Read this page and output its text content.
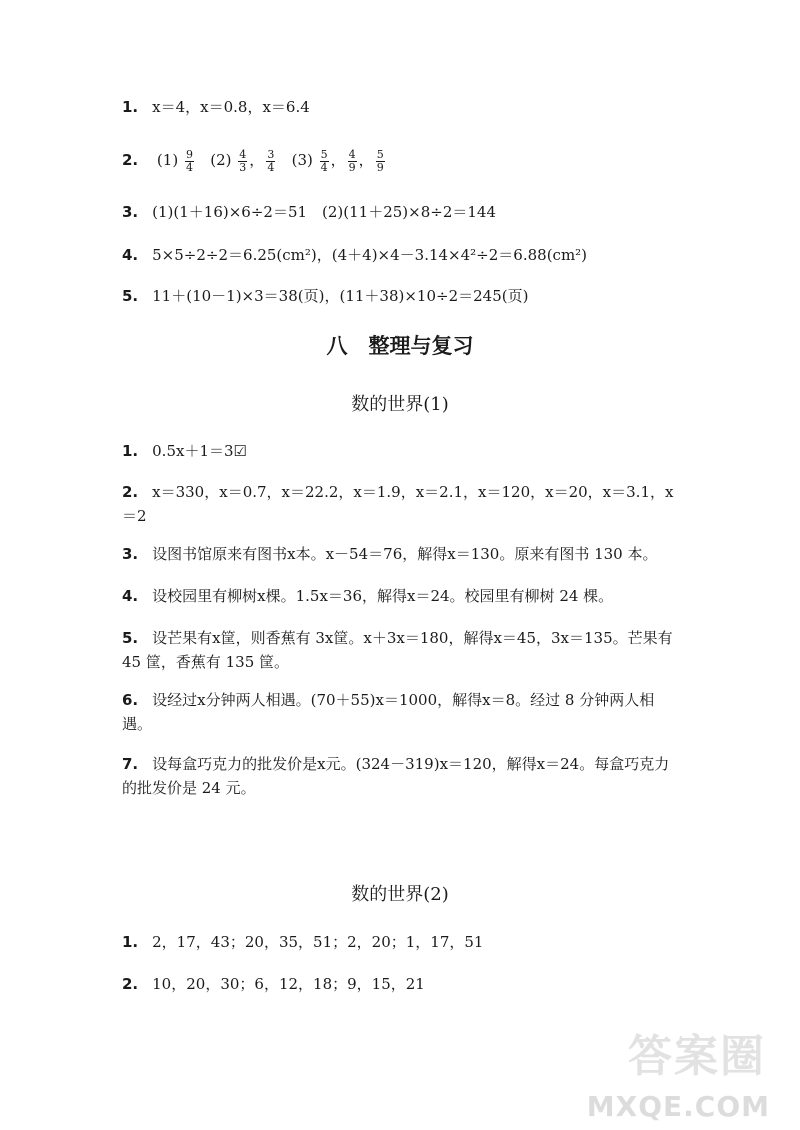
1. x＝4，x＝0.8，x＝6.4
2. $(1) \frac{9}{4} (2) \frac{4}{3}$ ， $\frac{3}{4} (3) \frac{5}{4}$ ， $\frac{4}{9}$ ， $\frac{5}{9}$
3. (1)(1＋16)×6÷2＝51　(2)(11＋25)×8÷2＝144
4. 5×5÷2÷2＝6.25(cm²)，(4＋4)×4－3.14×4²÷2＝6.88(cm²)
5. 11＋(10－1)×3＝38(页)，(11＋38)×10÷2＝245(页)
八　整理与复习
数的世界(1)
1. 0.5x＋1＝3☑
2. x＝330，x＝0.7，x＝22.2，x＝1.9，x＝2.1，x＝120，x＝20，x＝3.1，x＝2
3. 设图书馆原来有图书x本。x－54＝76，解得x＝130。原来有图书 130 本。
4. 设校园里有柳树x棵。1.5x＝36，解得x＝24。校园里有柳树 24 棵。
5. 设芒果有x筐，则香蕉有 3x筐。x＋3x＝180，解得x＝45，3x＝135。芒果有 45 筐，香蕉有 135 筐。
6. 设经过x分钟两人相遇。(70＋55)x＝1000，解得x＝8。经过 8 分钟两人相遇。
7. 设每盒巧克力的批发价是x元。(324－319)x＝120，解得x＝24。每盒巧克力的批发价是 24 元。
数的世界(2)
1. 2，17，43；20，35，51；2，20；1，17，51
2. 10，20，30；6，12，18；9，15，21
答案圈
MXQE.COM
